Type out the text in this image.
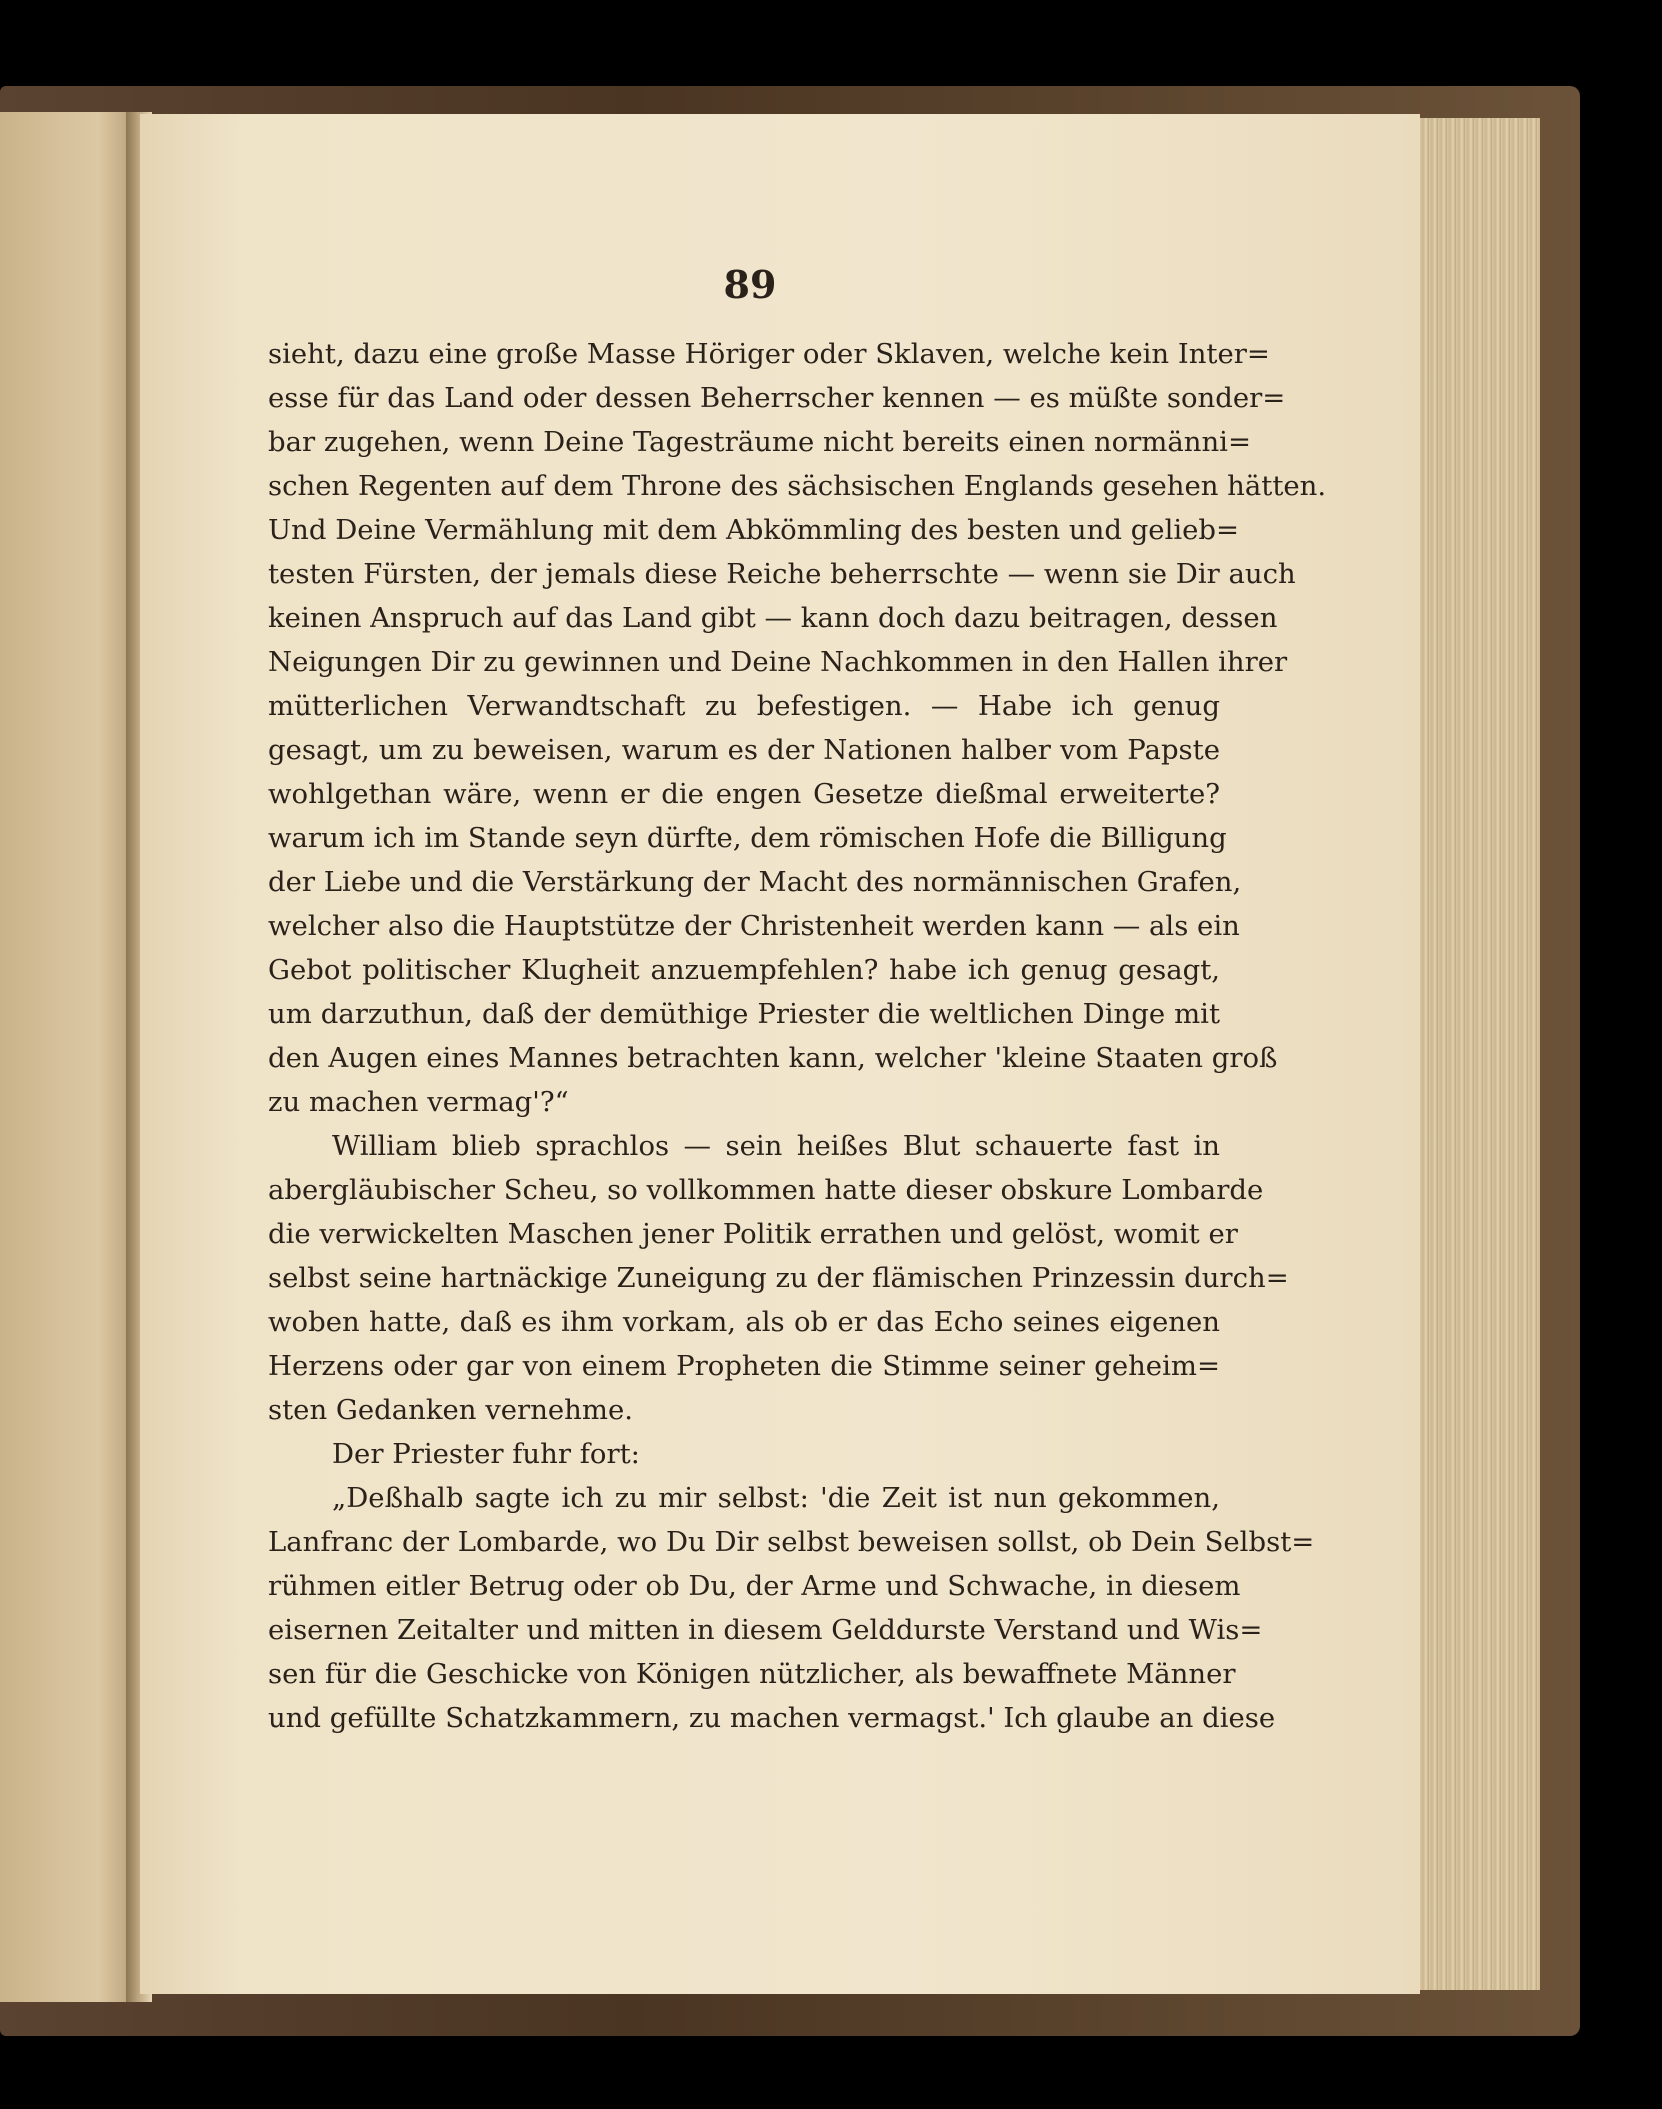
89
sieht, dazu eine große Masse Höriger oder Sklaven, welche kein Inter=
esse für das Land oder dessen Beherrscher kennen — es müßte sonder=
bar zugehen, wenn Deine Tagesträume nicht bereits einen normänni=
schen Regenten auf dem Throne des sächsischen Englands gesehen hätten.
Und Deine Vermählung mit dem Abkömmling des besten und gelieb=
testen Fürsten, der jemals diese Reiche beherrschte — wenn sie Dir auch
keinen Anspruch auf das Land gibt — kann doch dazu beitragen, dessen
Neigungen Dir zu gewinnen und Deine Nachkommen in den Hallen ihrer
mütterlichen Verwandtschaft zu befestigen. — Habe ich genug
gesagt, um zu beweisen, warum es der Nationen halber vom Papste
wohlgethan wäre, wenn er die engen Gesetze dießmal erweiterte?
warum ich im Stande seyn dürfte, dem römischen Hofe die Billigung
der Liebe und die Verstärkung der Macht des normännischen Grafen,
welcher also die Hauptstütze der Christenheit werden kann — als ein
Gebot politischer Klugheit anzuempfehlen? habe ich genug gesagt,
um darzuthun, daß der demüthige Priester die weltlichen Dinge mit
den Augen eines Mannes betrachten kann, welcher 'kleine Staaten groß
zu machen vermag'?“
William blieb sprachlos — sein heißes Blut schauerte fast in
abergläubischer Scheu, so vollkommen hatte dieser obskure Lombarde
die verwickelten Maschen jener Politik errathen und gelöst, womit er
selbst seine hartnäckige Zuneigung zu der flämischen Prinzessin durch=
woben hatte, daß es ihm vorkam, als ob er das Echo seines eigenen
Herzens oder gar von einem Propheten die Stimme seiner geheim=
sten Gedanken vernehme.
Der Priester fuhr fort:
„Deßhalb sagte ich zu mir selbst: 'die Zeit ist nun gekommen,
Lanfranc der Lombarde, wo Du Dir selbst beweisen sollst, ob Dein Selbst=
rühmen eitler Betrug oder ob Du, der Arme und Schwache, in diesem
eisernen Zeitalter und mitten in diesem Gelddurste Verstand und Wis=
sen für die Geschicke von Königen nützlicher, als bewaffnete Männer
und gefüllte Schatzkammern, zu machen vermagst.' Ich glaube an diese
